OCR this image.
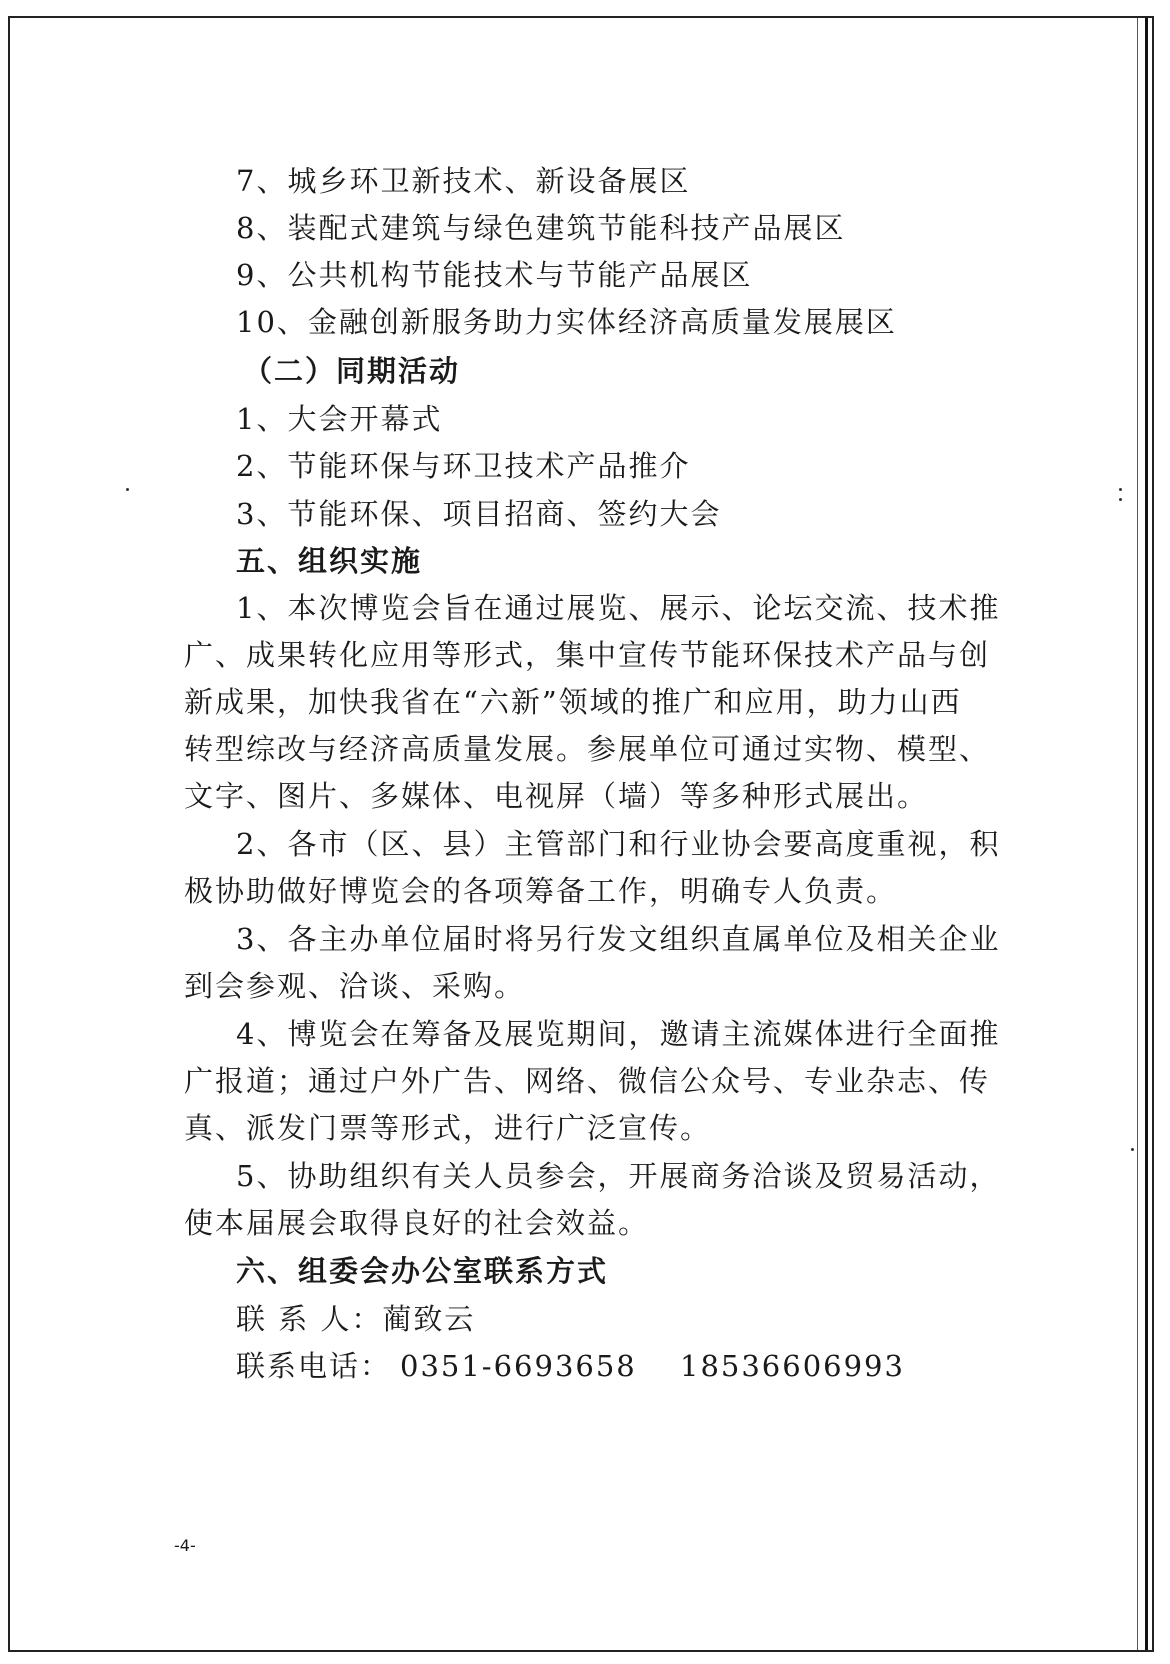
7、城乡环卫新技术、新设备展区
8、装配式建筑与绿色建筑节能科技产品展区
9、公共机构节能技术与节能产品展区
10、金融创新服务助力实体经济高质量发展展区
（二）同期活动
1、大会开幕式
2、节能环保与环卫技术产品推介
3、节能环保、项目招商、签约大会
五、组织实施
1、本次博览会旨在通过展览、展示、论坛交流、技术推
广、成果转化应用等形式，集中宣传节能环保技术产品与创
新成果，加快我省在“六新”领域的推广和应用，助力山西
转型综改与经济高质量发展。参展单位可通过实物、模型、
文字、图片、多媒体、电视屏（墙）等多种形式展出。
2、各市（区、县）主管部门和行业协会要高度重视，积
极协助做好博览会的各项筹备工作，明确专人负责。
3、各主办单位届时将另行发文组织直属单位及相关企业
到会参观、洽谈、采购。
4、博览会在筹备及展览期间，邀请主流媒体进行全面推
广报道；通过户外广告、网络、微信公众号、专业杂志、传
真、派发门票等形式，进行广泛宣传。
5、协助组织有关人员参会，开展商务洽谈及贸易活动，
使本届展会取得良好的社会效益。
六、组委会办公室联系方式
联 系 人：蔺致云
联系电话： 0351-6693658 18536606993
-4-
